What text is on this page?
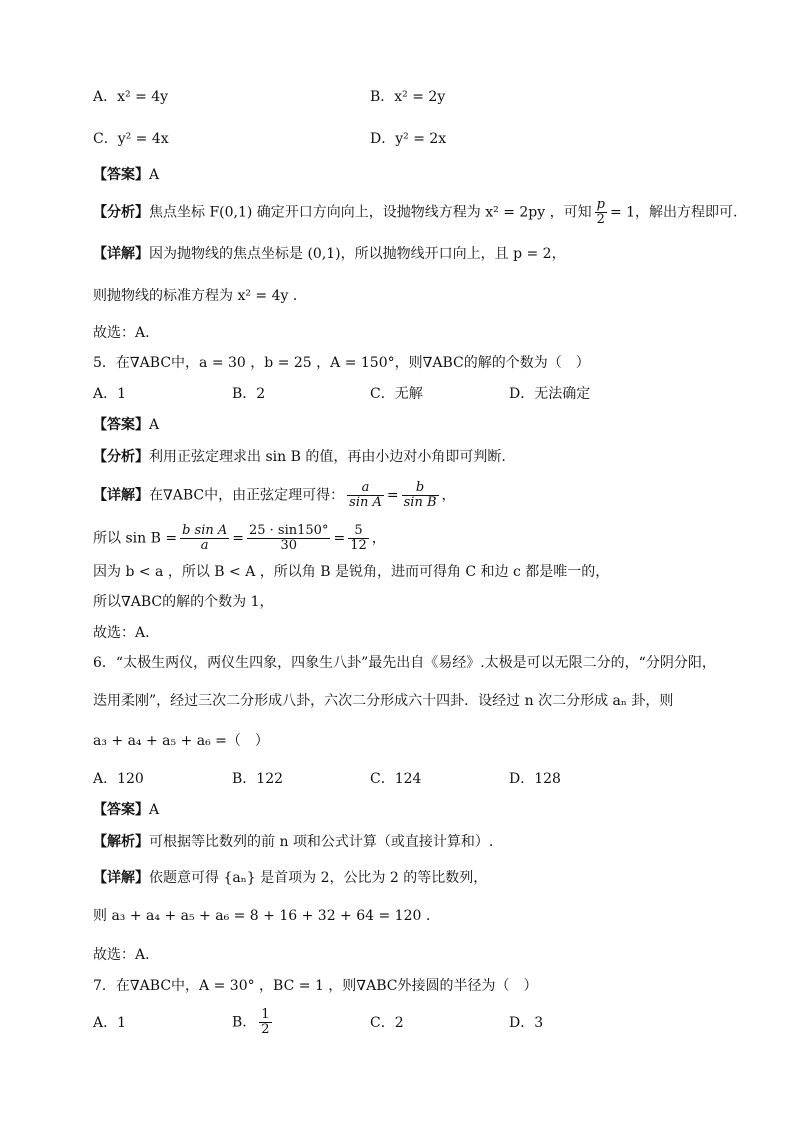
A．x² = 4y	B．x² = 2y
C．y² = 4x	D．y² = 2x
【答案】A
【分析】焦点坐标 F(0,1) 确定开口方向向上，设抛物线方程为 x² = 2py ，可知 $\frac{p}{2} = 1$，解出方程即可.
【详解】因为抛物线的焦点坐标是 (0,1)，所以抛物线开口向上，且 p = 2，
则抛物线的标准方程为 x² = 4y ．
故选：A.
5．在∇ABC中，a = 30 ，b = 25 ，A = 150°，则∇ABC的解的个数为（　）
A．1	B．2	C．无解	D．无法确定
【答案】A
【分析】利用正弦定理求出 sin B 的值，再由小边对小角即可判断.
【详解】在∇ABC中，由正弦定理可得： $\frac{a}{\text{sin A}} = \frac{b}{\text{sin B}}$ ，
所以 $\sin B = \frac{\text{b sin A}}{a} = \frac{25 \cdot \sin 150^\circ}{30} = \frac{5}{12}$ ，
因为 b < a ，所以 B < A ，所以角 B 是锐角，进而可得角 C 和边 c 都是唯一的，
所以∇ABC的解的个数为 1，
故选：A.
6．“太极生两仪，两仪生四象，四象生八卦”最先出自《易经》.太极是可以无限二分的，“分阴分阳，
迭用柔刚”，经过三次二分形成八卦，六次二分形成六十四卦．设经过 n 次二分形成 aₙ 卦，则
a₃ + a₄ + a₅ + a₆ =（　）
A．120	B．122	C．124	D．128
【答案】A
【解析】可根据等比数列的前 n 项和公式计算（或直接计算和）.
【详解】依题意可得 {aₙ} 是首项为 2，公比为 2 的等比数列，
则 a₃ + a₄ + a₅ + a₆ = 8 + 16 + 32 + 64 = 120 .
故选：A．
7．在∇ABC中，A = 30° ，BC = 1 ，则∇ABC外接圆的半径为（　）
A．1	B． $\frac{1}{2}$	C．2	D．3
